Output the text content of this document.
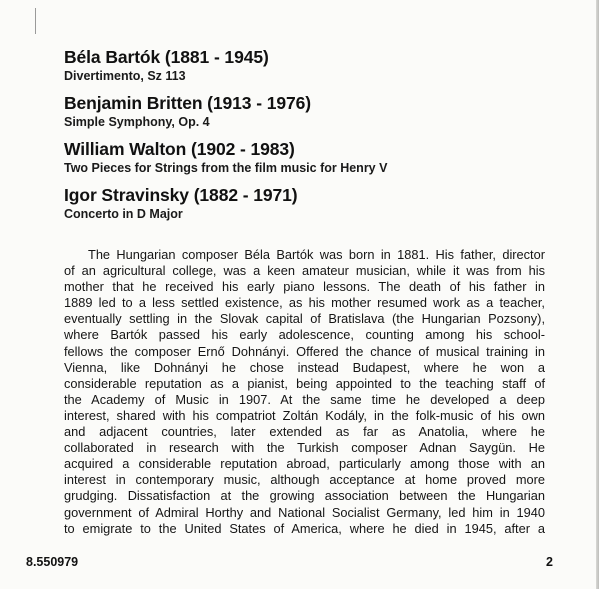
Béla Bartók (1881 - 1945)
Divertimento, Sz 113
Benjamin Britten (1913 - 1976)
Simple Symphony, Op. 4
William Walton (1902 - 1983)
Two Pieces for Strings from the film music for Henry V
Igor Stravinsky (1882 - 1971)
Concerto in D Major
The Hungarian composer Béla Bartók was born in 1881. His father, director
of an agricultural college, was a keen amateur musician, while it was from his
mother that he received his early piano lessons. The death of his father in
1889 led to a less settled existence, as his mother resumed work as a teacher,
eventually settling in the Slovak capital of Bratislava (the Hungarian Pozsony),
where Bartók passed his early adolescence, counting among his school-
fellows the composer Ernő Dohnányi. Offered the chance of musical training in
Vienna, like Dohnányi he chose instead Budapest, where he won a
considerable reputation as a pianist, being appointed to the teaching staff of
the Academy of Music in 1907. At the same time he developed a deep
interest, shared with his compatriot Zoltán Kodály, in the folk-music of his own
and adjacent countries, later extended as far as Anatolia, where he
collaborated in research with the Turkish composer Adnan Saygün. He
acquired a considerable reputation abroad, particularly among those with an
interest in contemporary music, although acceptance at home proved more
grudging. Dissatisfaction at the growing association between the Hungarian
government of Admiral Horthy and National Socialist Germany, led him in 1940
to emigrate to the United States of America, where he died in 1945, after a
8.550979	2
